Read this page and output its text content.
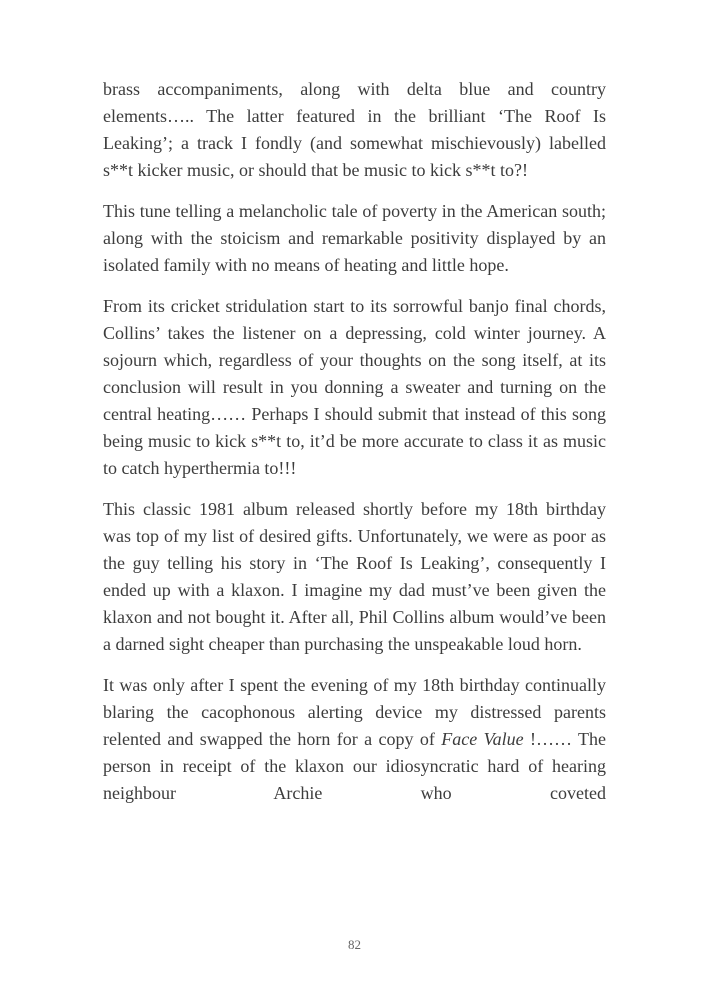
brass accompaniments, along with delta blue and country elements….. The latter featured in the brilliant ‘The Roof Is Leaking’; a track I fondly (and somewhat mischievously) labelled s**t kicker music, or should that be music to kick s**t to?!

This tune telling a melancholic tale of poverty in the American south; along with the stoicism and remarkable positivity displayed by an isolated family with no means of heating and little hope.

From its cricket stridulation start to its sorrowful banjo final chords, Collins’ takes the listener on a depressing, cold winter journey. A sojourn which, regardless of your thoughts on the song itself, at its conclusion will result in you donning a sweater and turning on the central heating…… Perhaps I should submit that instead of this song being music to kick s**t to, it’d be more accurate to class it as music to catch hyperthermia to!!!

This classic 1981 album released shortly before my 18th birthday was top of my list of desired gifts. Unfortunately, we were as poor as the guy telling his story in ‘The Roof Is Leaking’, consequently I ended up with a klaxon. I imagine my dad must’ve been given the klaxon and not bought it. After all, Phil Collins album would’ve been a darned sight cheaper than purchasing the unspeakable loud horn.

It was only after I spent the evening of my 18th birthday continually blaring the cacophonous alerting device my distressed parents relented and swapped the horn for a copy of Face Value !…… The person in receipt of the klaxon our idiosyncratic hard of hearing neighbour Archie who coveted

82
